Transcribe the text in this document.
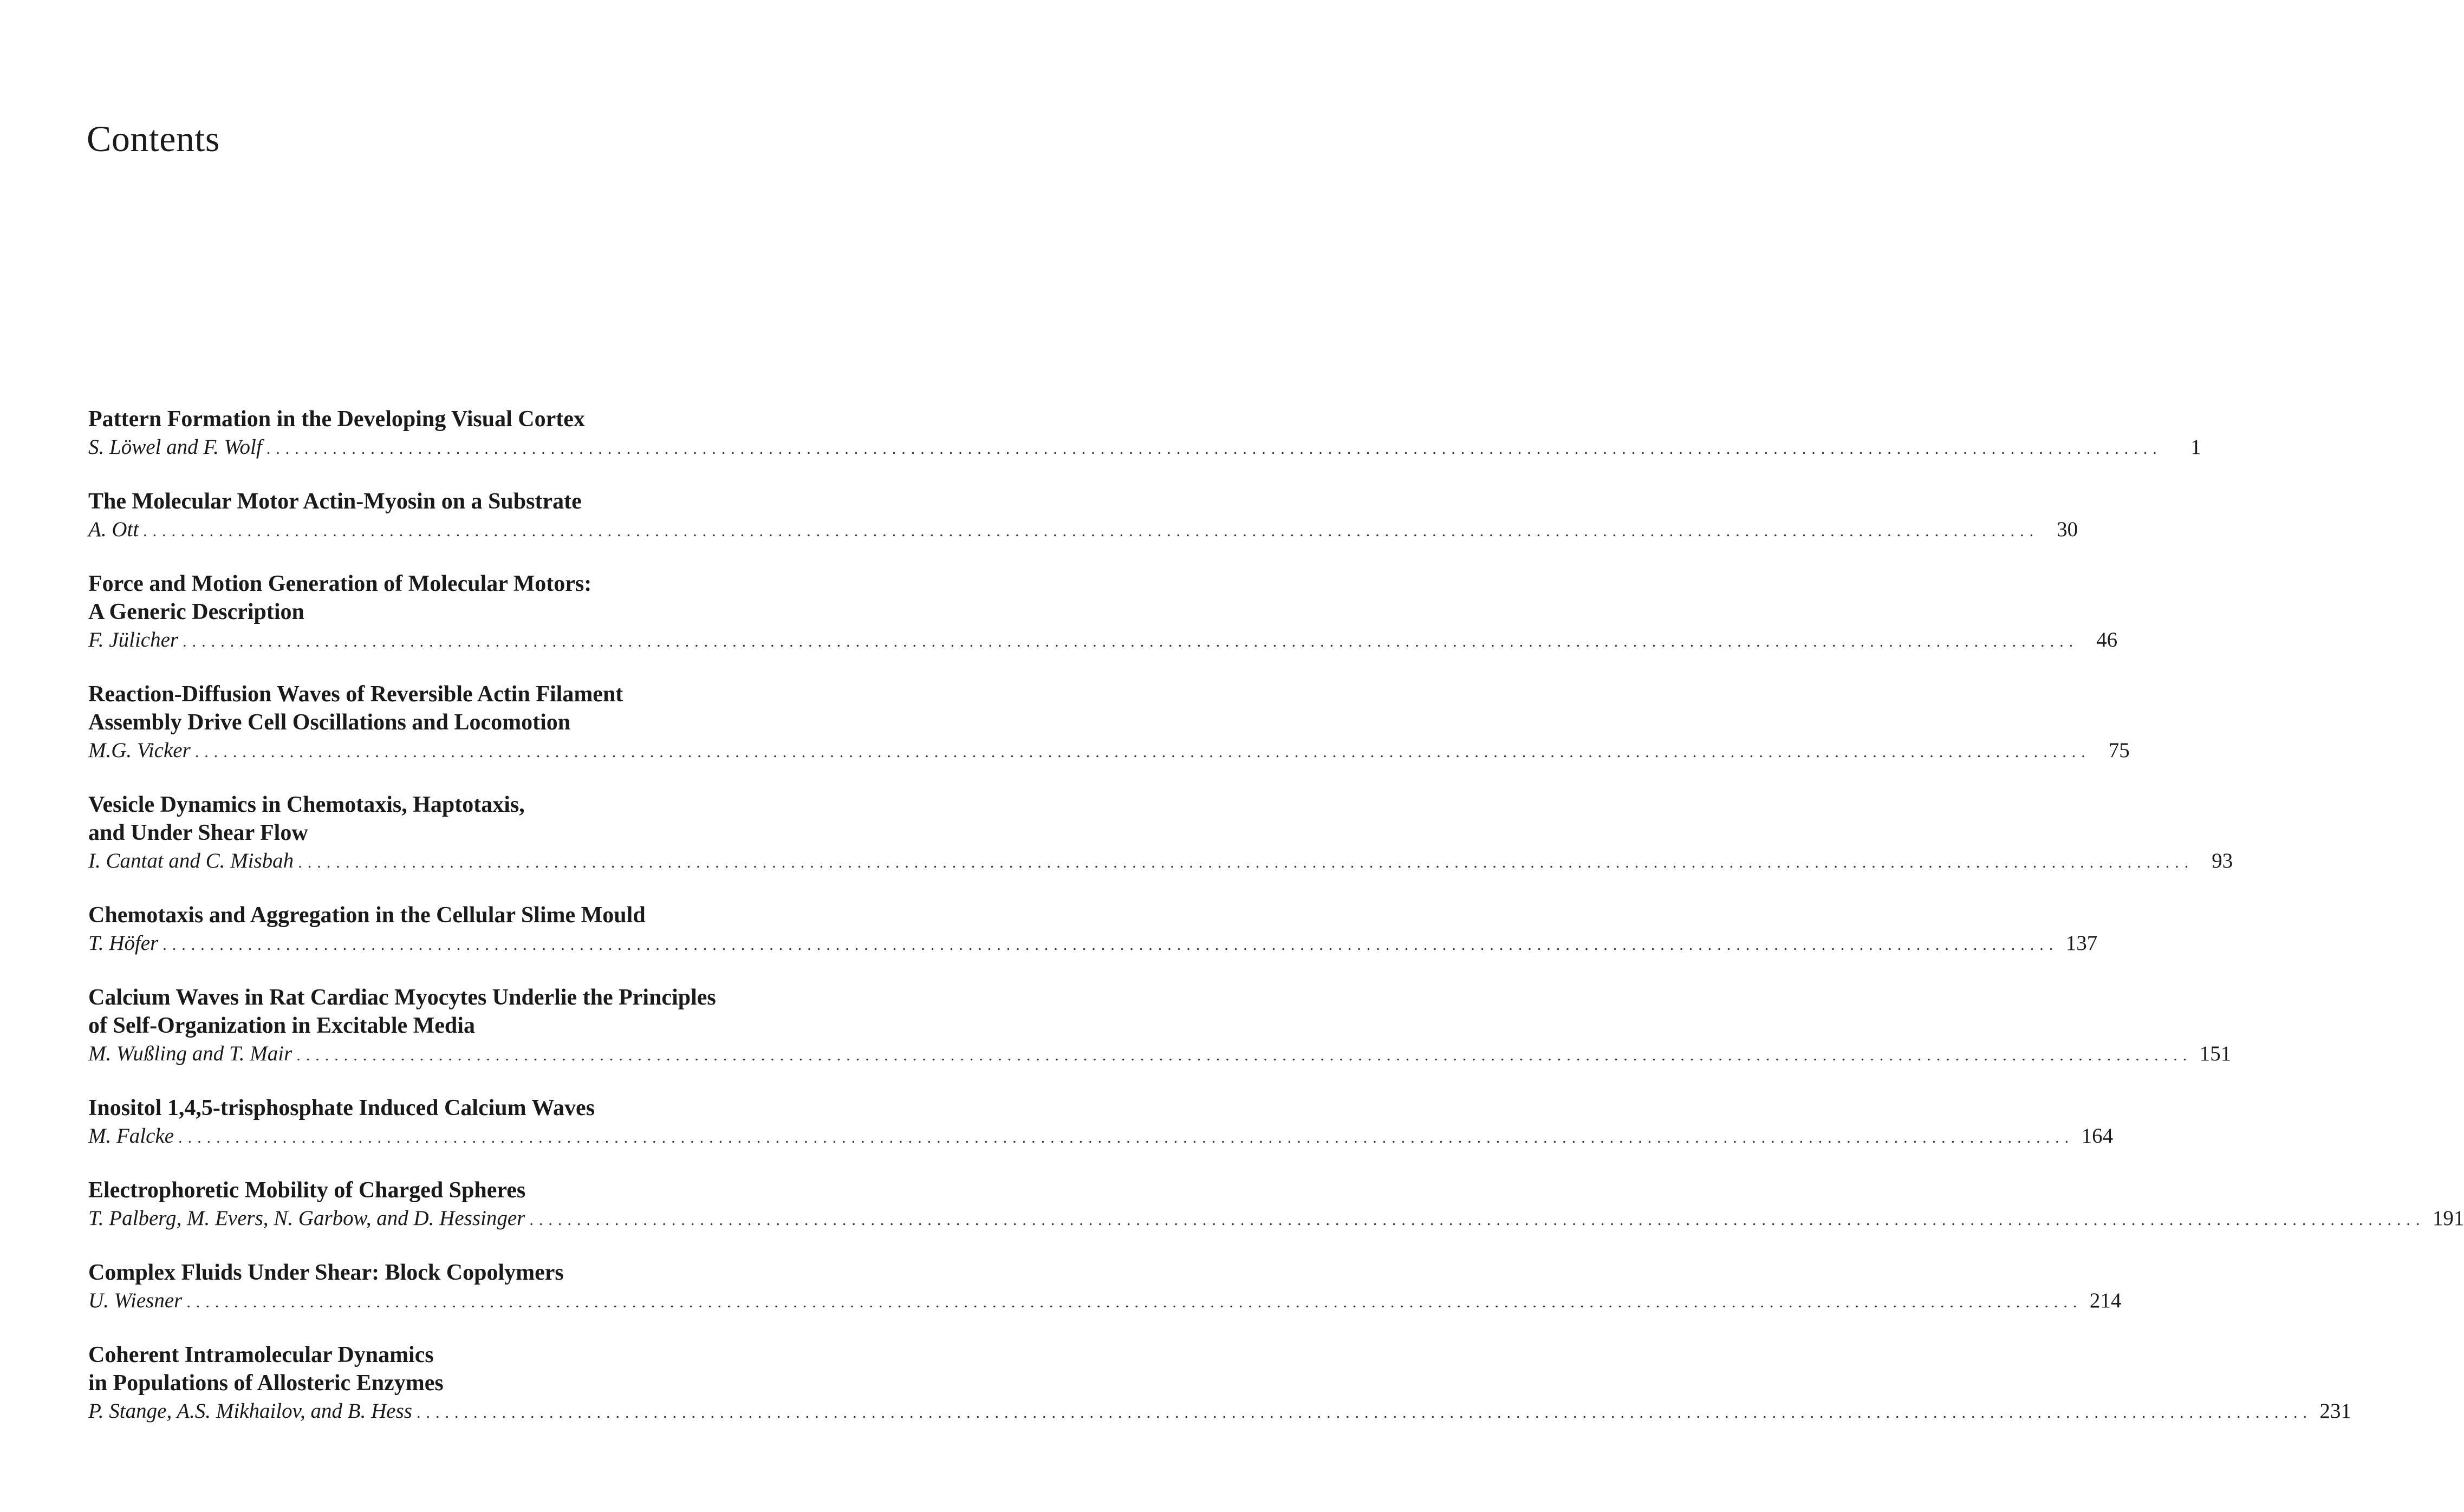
Contents
Pattern Formation in the Developing Visual Cortex
S. Löwel and F. Wolf ........................................................................................................................................................................................................	1
The Molecular Motor Actin-Myosin on a Substrate
A. Ott ........................................................................................................................................................................................................ 30
Force and Motion Generation of Molecular Motors:
A Generic Description
F. Jülicher ........................................................................................................................................................................................................ 46
Reaction-Diffusion Waves of Reversible Actin Filament
Assembly Drive Cell Oscillations and Locomotion
M.G. Vicker ........................................................................................................................................................................................................ 75
Vesicle Dynamics in Chemotaxis, Haptotaxis,
and Under Shear Flow
I. Cantat and C. Misbah ........................................................................................................................................................................................................ 93
Chemotaxis and Aggregation in the Cellular Slime Mould
T. Höfer ........................................................................................................................................................................................................ 137
Calcium Waves in Rat Cardiac Myocytes Underlie the Principles
of Self-Organization in Excitable Media
M. Wußling and T. Mair ........................................................................................................................................................................................................ 151
Inositol 1,4,5-trisphosphate Induced Calcium Waves
M. Falcke ........................................................................................................................................................................................................ 164
Electrophoretic Mobility of Charged Spheres
T. Palberg, M. Evers, N. Garbow, and D. Hessinger ........................................................................................................................................................................................................ 191
Complex Fluids Under Shear: Block Copolymers
U. Wiesner ........................................................................................................................................................................................................ 214
Coherent Intramolecular Dynamics
in Populations of Allosteric Enzymes
P. Stange, A.S. Mikhailov, and B. Hess ........................................................................................................................................................................................................ 231
